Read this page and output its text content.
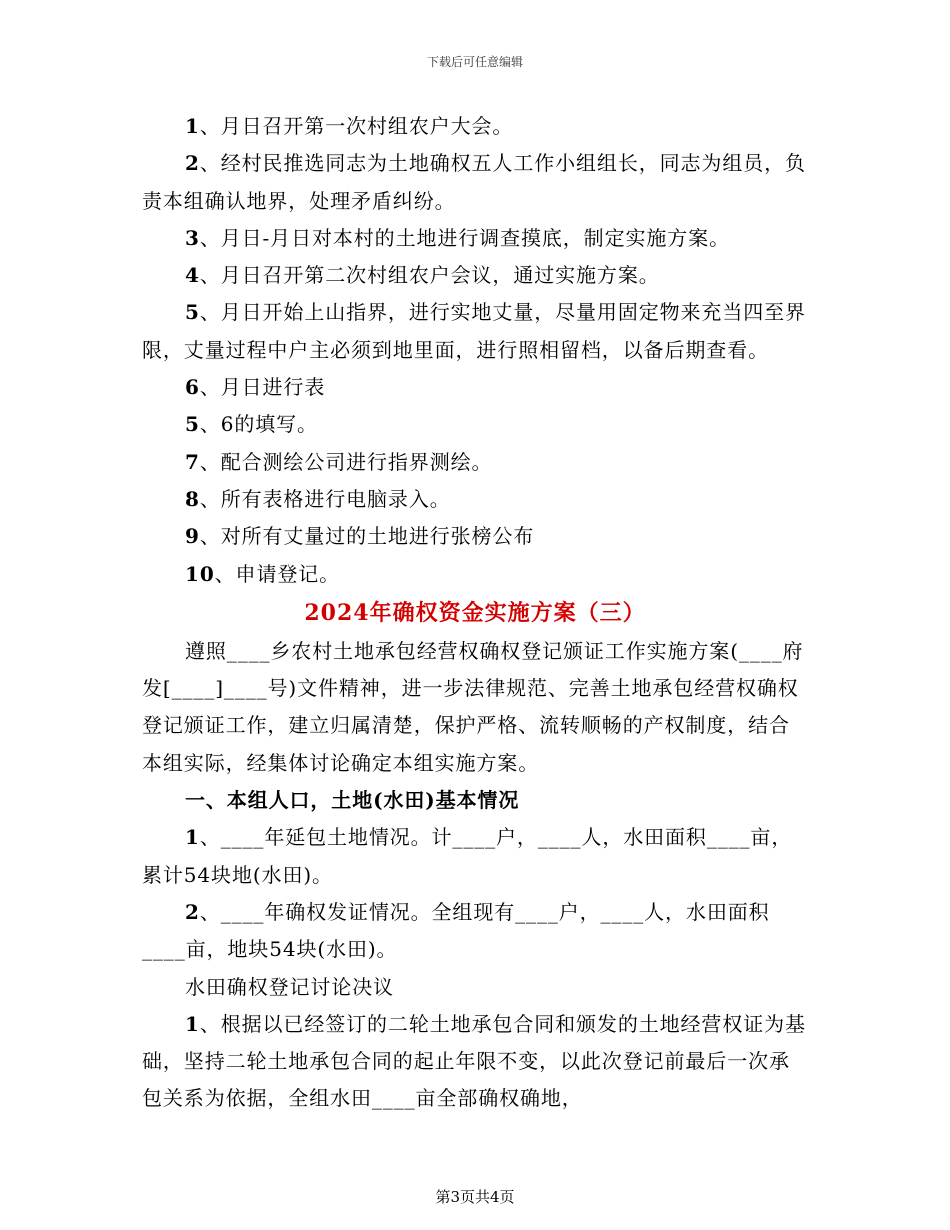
下载后可任意编辑

1、月日召开第一次村组农户大会。

2、经村民推选同志为土地确权五人工作小组组长，同志为组员，负责本组确认地界，处理矛盾纠纷。

3、月日-月日对本村的土地进行调查摸底，制定实施方案。

4、月日召开第二次村组农户会议，通过实施方案。

5、月日开始上山指界，进行实地丈量，尽量用固定物来充当四至界限，丈量过程中户主必须到地里面，进行照相留档，以备后期查看。

6、月日进行表

5、6的填写。

7、配合测绘公司进行指界测绘。

8、所有表格进行电脑录入。

9、对所有丈量过的土地进行张榜公布

10、申请登记。

2024年确权资金实施方案（三）

遵照____乡农村土地承包经营权确权登记颁证工作实施方案(____府发[____]____号)文件精神，进一步法律规范、完善土地承包经营权确权登记颁证工作，建立归属清楚，保护严格、流转顺畅的产权制度，结合本组实际，经集体讨论确定本组实施方案。

一、本组人口，土地(水田)基本情况

1、____年延包土地情况。计____户，____人，水田面积____亩，累计54块地(水田)。

2、____年确权发证情况。全组现有____户，____人，水田面积____亩，地块54块(水田)。

水田确权登记讨论决议

1、根据以已经签订的二轮土地承包合同和颁发的土地经营权证为基础，坚持二轮土地承包合同的起止年限不变，以此次登记前最后一次承包关系为依据，全组水田____亩全部确权确地，

第3页共4页
